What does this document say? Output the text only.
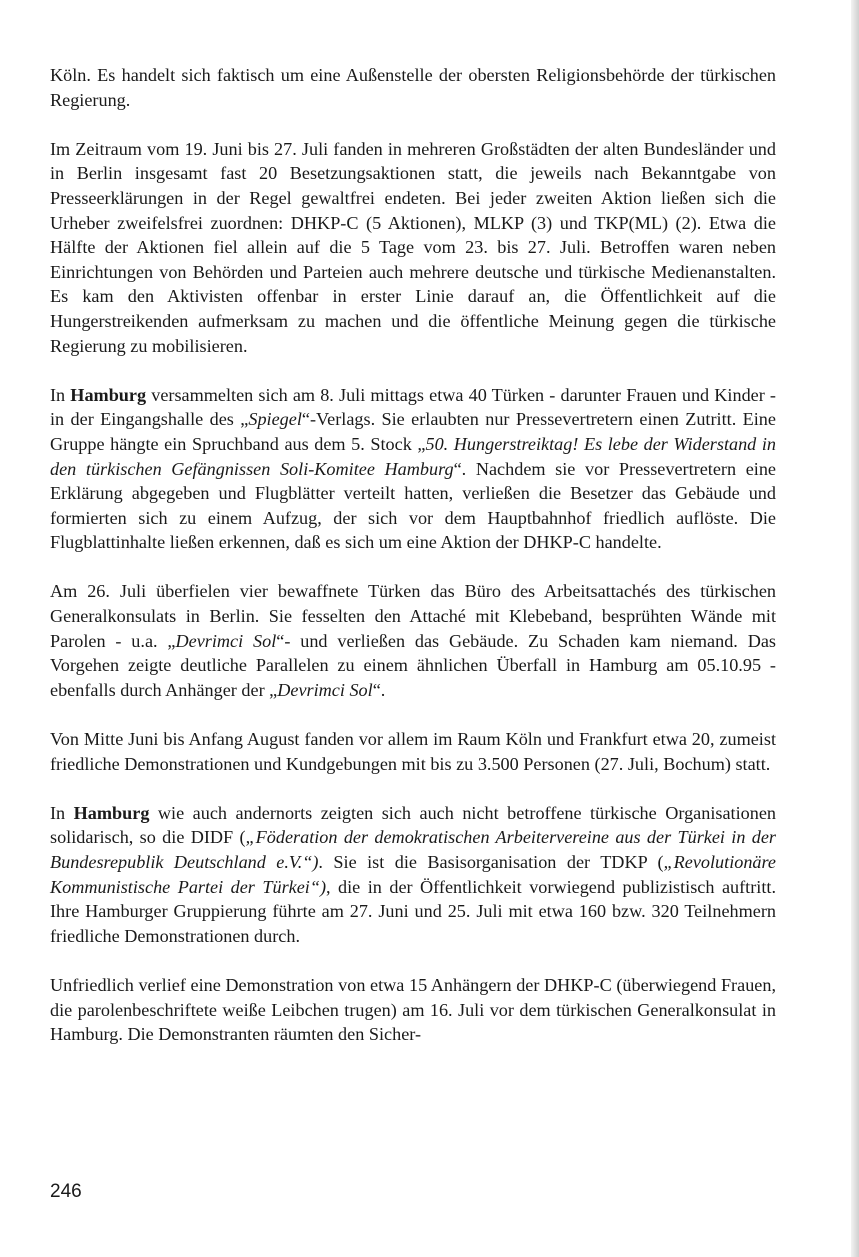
Köln. Es handelt sich faktisch um eine Außenstelle der obersten Religionsbehörde der türkischen Regierung.

Im Zeitraum vom 19. Juni bis 27. Juli fanden in mehreren Großstädten der alten Bundesländer und in Berlin insgesamt fast 20 Besetzungsaktionen statt, die jeweils nach Bekanntgabe von Presseerklärungen in der Regel gewaltfrei endeten. Bei jeder zweiten Aktion ließen sich die Urheber zweifelsfrei zuordnen: DHKP-C (5 Aktionen), MLKP (3) und TKP(ML) (2). Etwa die Hälfte der Aktionen fiel allein auf die 5 Tage vom 23. bis 27. Juli. Betroffen waren neben Einrichtungen von Behörden und Parteien auch mehrere deutsche und türkische Medienanstalten. Es kam den Aktivisten offenbar in erster Linie darauf an, die Öffentlichkeit auf die Hungerstreikenden aufmerksam zu machen und die öffentliche Meinung gegen die türkische Regierung zu mobilisieren.

In Hamburg versammelten sich am 8. Juli mittags etwa 40 Türken - darunter Frauen und Kinder - in der Eingangshalle des „Spiegel“-Verlags. Sie erlaubten nur Pressevertretern einen Zutritt. Eine Gruppe hängte ein Spruchband aus dem 5. Stock „50. Hungerstreiktag! Es lebe der Widerstand in den türkischen Gefängnissen Soli-Komitee Hamburg“. Nachdem sie vor Pressevertretern eine Erklärung abgegeben und Flugblätter verteilt hatten, verließen die Besetzer das Gebäude und formierten sich zu einem Aufzug, der sich vor dem Hauptbahnhof friedlich auflöste. Die Flugblattinhalte ließen erkennen, daß es sich um eine Aktion der DHKP-C handelte.

Am 26. Juli überfielen vier bewaffnete Türken das Büro des Arbeitsattachés des türkischen Generalkonsulats in Berlin. Sie fesselten den Attaché mit Klebeband, besprühten Wände mit Parolen - u.a. „Devrimci Sol“- und verließen das Gebäude. Zu Schaden kam niemand. Das Vorgehen zeigte deutliche Parallelen zu einem ähnlichen Überfall in Hamburg am 05.10.95 - ebenfalls durch Anhänger der „Devrimci Sol“.

Von Mitte Juni bis Anfang August fanden vor allem im Raum Köln und Frankfurt etwa 20, zumeist friedliche Demonstrationen und Kundgebungen mit bis zu 3.500 Personen (27. Juli, Bochum) statt.

In Hamburg wie auch andernorts zeigten sich auch nicht betroffene türkische Organisationen solidarisch, so die DIDF („Föderation der demokratischen Arbeitervereine aus der Türkei in der Bundesrepublik Deutschland e.V.“). Sie ist die Basisorganisation der TDKP („Revolutionäre Kommunistische Partei der Türkei“), die in der Öffentlichkeit vorwiegend publizistisch auftritt. Ihre Hamburger Gruppierung führte am 27. Juni und 25. Juli mit etwa 160 bzw. 320 Teilnehmern friedliche Demonstrationen durch.

Unfriedlich verlief eine Demonstration von etwa 15 Anhängern der DHKP-C (überwiegend Frauen, die parolenbeschriftete weiße Leibchen trugen) am 16. Juli vor dem türkischen Generalkonsulat in Hamburg. Die Demonstranten räumten den Sicher-

246
